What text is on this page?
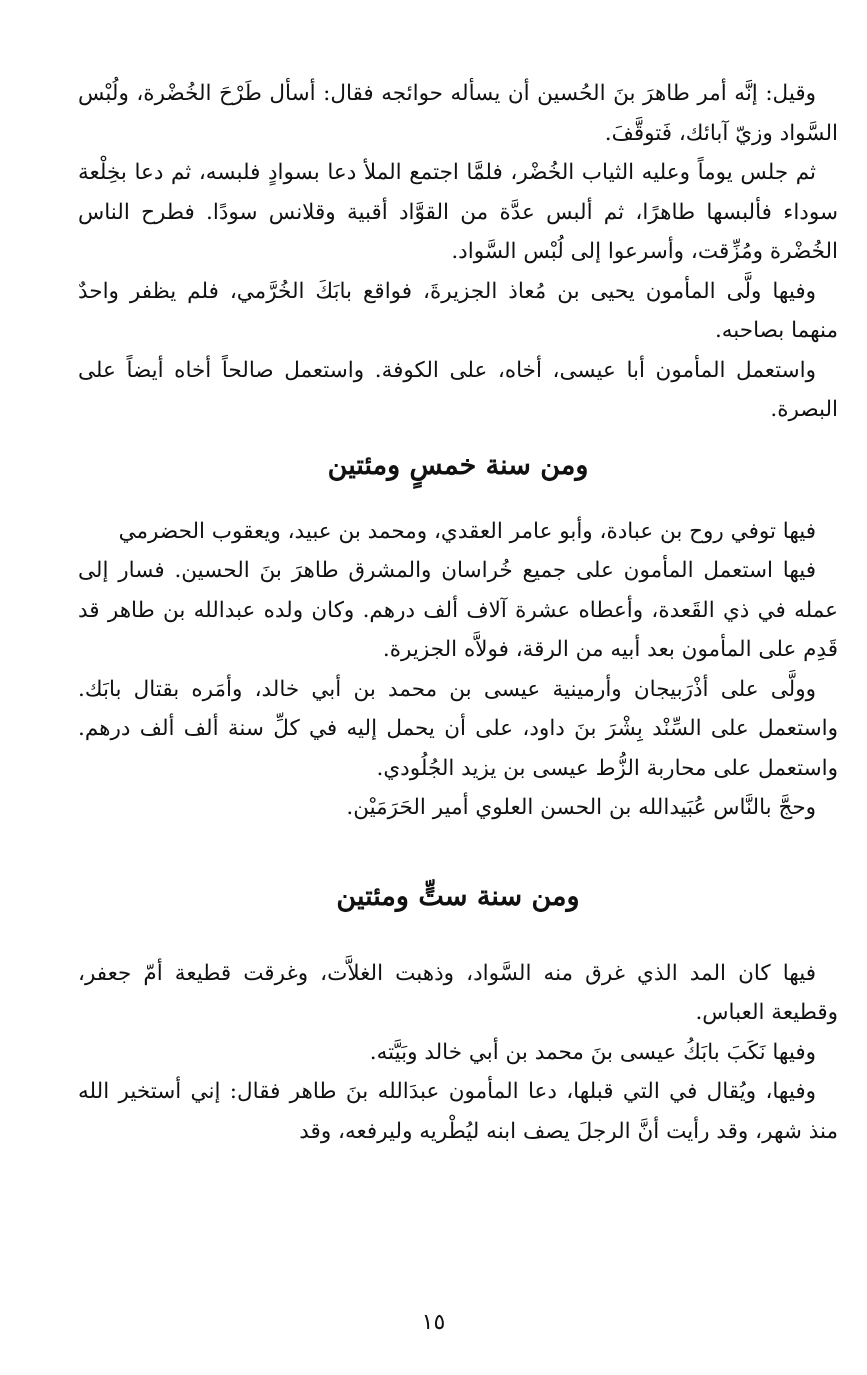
وقيل: إنَّه أمر طاهرَ بنَ الحُسين أن يسأله حوائجه فقال: أسأل طَرْحَ الخُضْرة، ولُبْس السَّواد وزيّ آبائك، فَتوقَّفَ.

ثم جلس يوماً وعليه الثياب الخُضْر، فلمَّا اجتمع الملأ دعا بسوادٍ فلبسه، ثم دعا بخِلْعة سوداء فألبسها طاهرًا، ثم ألبس عدَّة من القوَّاد أقبية وقلانس سودًا. فطرح الناس الخُضْرة ومُزِّقت، وأسرعوا إلى لُبْس السَّواد.

وفيها ولَّى المأمون يحيى بن مُعاذ الجزيرةَ، فواقع بابَكَ الخُرَّمي، فلم يظفر واحدٌ منهما بصاحبه.

واستعمل المأمون أبا عيسى، أخاه، على الكوفة. واستعمل صالحاً أخاه أيضاً على البصرة.

ومن سنة خمسٍ ومئتين

فيها توفي روح بن عبادة، وأبو عامر العقدي، ومحمد بن عبيد، ويعقوب الحضرمي

فيها استعمل المأمون على جميع خُراسان والمشرق طاهرَ بنَ الحسين. فسار إلى عمله في ذي القَعدة، وأعطاه عشرة آلاف ألف درهم. وكان ولده عبدالله بن طاهر قد قَدِم على المأمون بعد أبيه من الرقة، فولاَّه الجزيرة.

وولَّى على أذْرَبيجان وأرمينية عيسى بن محمد بن أبي خالد، وأمَره بقتال بابَك. واستعمل على السِّنْد بِشْرَ بنَ داود، على أن يحمل إليه في كلِّ سنة ألف ألف درهم. واستعمل على محاربة الزُّط عيسى بن يزيد الجُلُودي.

وحجَّ بالنَّاس عُبَيدالله بن الحسن العلوي أمير الحَرَمَيْن.

ومن سنة ستٍّ ومئتين

فيها كان المد الذي غرق منه السَّواد، وذهبت الغلاَّت، وغرقت قطيعة أمّ جعفر، وقطيعة العباس.

وفيها نَكَبَ بابَكُ عيسى بنَ محمد بن أبي خالد وبَيَّته.

وفيها، ويُقال في التي قبلها، دعا المأمون عبدَالله بنَ طاهر فقال: إني أستخير الله منذ شهر، وقد رأيت أنَّ الرجلَ يصف ابنه ليُطْريه وليرفعه، وقد

١٥
